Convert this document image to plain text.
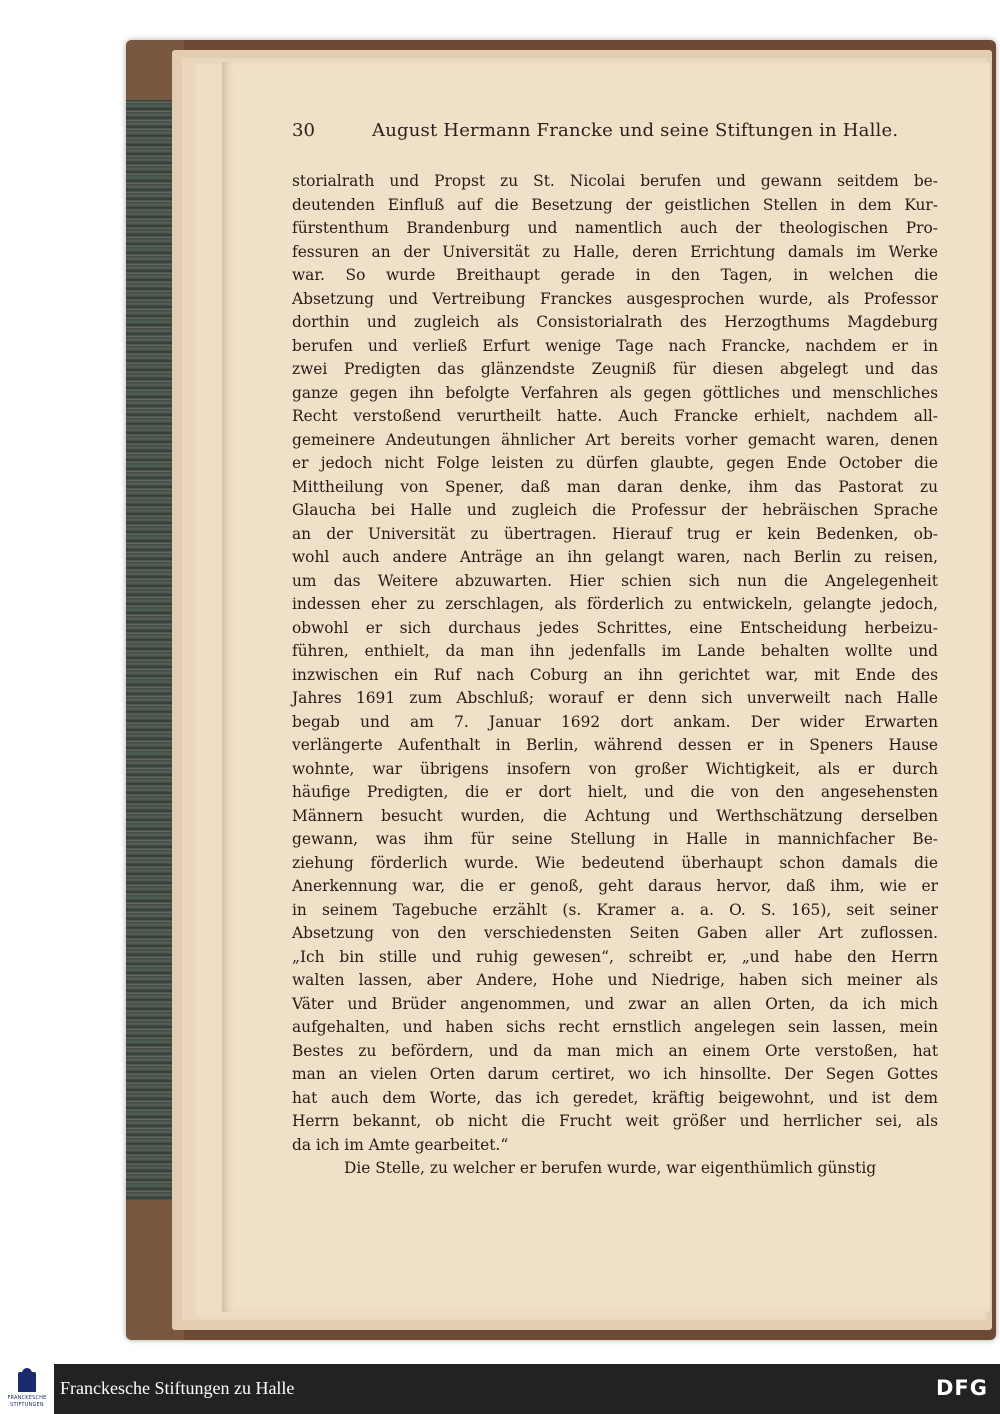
30	August Hermann Francke und seine Stiftungen in Halle.
storialrath und Propst zu St. Nicolai berufen und gewann seitdem be-
deutenden Einfluß auf die Besetzung der geistlichen Stellen in dem Kur-
fürstenthum Brandenburg und namentlich auch der theologischen Pro-
fessuren an der Universität zu Halle, deren Errichtung damals im Werke
war. So wurde Breithaupt gerade in den Tagen, in welchen die
Absetzung und Vertreibung Franckes ausgesprochen wurde, als Professor
dorthin und zugleich als Consistorialrath des Herzogthums Magdeburg
berufen und verließ Erfurt wenige Tage nach Francke, nachdem er in
zwei Predigten das glänzendste Zeugniß für diesen abgelegt und das
ganze gegen ihn befolgte Verfahren als gegen göttliches und menschliches
Recht verstoßend verurtheilt hatte. Auch Francke erhielt, nachdem all-
gemeinere Andeutungen ähnlicher Art bereits vorher gemacht waren, denen
er jedoch nicht Folge leisten zu dürfen glaubte, gegen Ende October die
Mittheilung von Spener, daß man daran denke, ihm das Pastorat zu
Glaucha bei Halle und zugleich die Professur der hebräischen Sprache
an der Universität zu übertragen. Hierauf trug er kein Bedenken, ob-
wohl auch andere Anträge an ihn gelangt waren, nach Berlin zu reisen,
um das Weitere abzuwarten. Hier schien sich nun die Angelegenheit
indessen eher zu zerschlagen, als förderlich zu entwickeln, gelangte jedoch,
obwohl er sich durchaus jedes Schrittes, eine Entscheidung herbeizu-
führen, enthielt, da man ihn jedenfalls im Lande behalten wollte und
inzwischen ein Ruf nach Coburg an ihn gerichtet war, mit Ende des
Jahres 1691 zum Abschluß; worauf er denn sich unverweilt nach Halle
begab und am 7. Januar 1692 dort ankam. Der wider Erwarten
verlängerte Aufenthalt in Berlin, während dessen er in Speners Hause
wohnte, war übrigens insofern von großer Wichtigkeit, als er durch
häufige Predigten, die er dort hielt, und die von den angesehensten
Männern besucht wurden, die Achtung und Werthschätzung derselben
gewann, was ihm für seine Stellung in Halle in mannichfacher Be-
ziehung förderlich wurde. Wie bedeutend überhaupt schon damals die
Anerkennung war, die er genoß, geht daraus hervor, daß ihm, wie er
in seinem Tagebuche erzählt (s. Kramer a. a. O. S. 165), seit seiner
Absetzung von den verschiedensten Seiten Gaben aller Art zuflossen.
„Ich bin stille und ruhig gewesen“, schreibt er, „und habe den Herrn
walten lassen, aber Andere, Hohe und Niedrige, haben sich meiner als
Väter und Brüder angenommen, und zwar an allen Orten, da ich mich
aufgehalten, und haben sichs recht ernstlich angelegen sein lassen, mein
Bestes zu befördern, und da man mich an einem Orte verstoßen, hat
man an vielen Orten darum certiret, wo ich hinsollte. Der Segen Gottes
hat auch dem Worte, das ich geredet, kräftig beigewohnt, und ist dem
Herrn bekannt, ob nicht die Frucht weit größer und herrlicher sei, als
da ich im Amte gearbeitet.“
Die Stelle, zu welcher er berufen wurde, war eigenthümlich günstig
FRANCKESCHE STIFTUNGEN
Franckesche Stiftungen zu Halle	DFG
